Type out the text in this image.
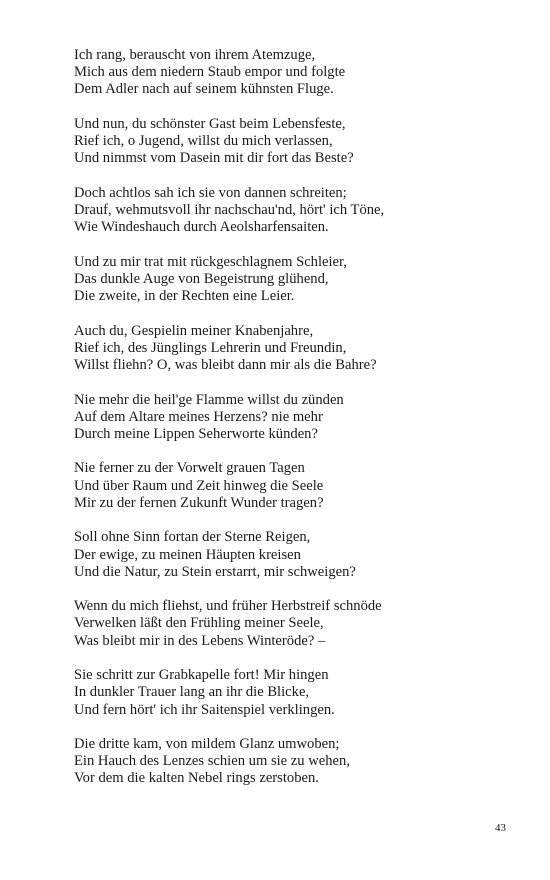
Ich rang, berauscht von ihrem Atemzuge,
Mich aus dem niedern Staub empor und folgte
Dem Adler nach auf seinem kühnsten Fluge.
Und nun, du schönster Gast beim Lebensfeste,
Rief ich, o Jugend, willst du mich verlassen,
Und nimmst vom Dasein mit dir fort das Beste?
Doch achtlos sah ich sie von dannen schreiten;
Drauf, wehmutsvoll ihr nachschau'nd, hört' ich Töne,
Wie Windeshauch durch Aeolsharfensaiten.
Und zu mir trat mit rückgeschlagnem Schleier,
Das dunkle Auge von Begeistrung glühend,
Die zweite, in der Rechten eine Leier.
Auch du, Gespielin meiner Knabenjahre,
Rief ich, des Jünglings Lehrerin und Freundin,
Willst fliehn? O, was bleibt dann mir als die Bahre?
Nie mehr die heil'ge Flamme willst du zünden
Auf dem Altare meines Herzens? nie mehr
Durch meine Lippen Seherworte künden?
Nie ferner zu der Vorwelt grauen Tagen
Und über Raum und Zeit hinweg die Seele
Mir zu der fernen Zukunft Wunder tragen?
Soll ohne Sinn fortan der Sterne Reigen,
Der ewige, zu meinen Häupten kreisen
Und die Natur, zu Stein erstarrt, mir schweigen?
Wenn du mich fliehst, und früher Herbstreif schnöde
Verwelken läßt den Frühling meiner Seele,
Was bleibt mir in des Lebens Winteröde? –
Sie schritt zur Grabkapelle fort! Mir hingen
In dunkler Trauer lang an ihr die Blicke,
Und fern hört' ich ihr Saitenspiel verklingen.
Die dritte kam, von mildem Glanz umwoben;
Ein Hauch des Lenzes schien um sie zu wehen,
Vor dem die kalten Nebel rings zerstoben.
43
